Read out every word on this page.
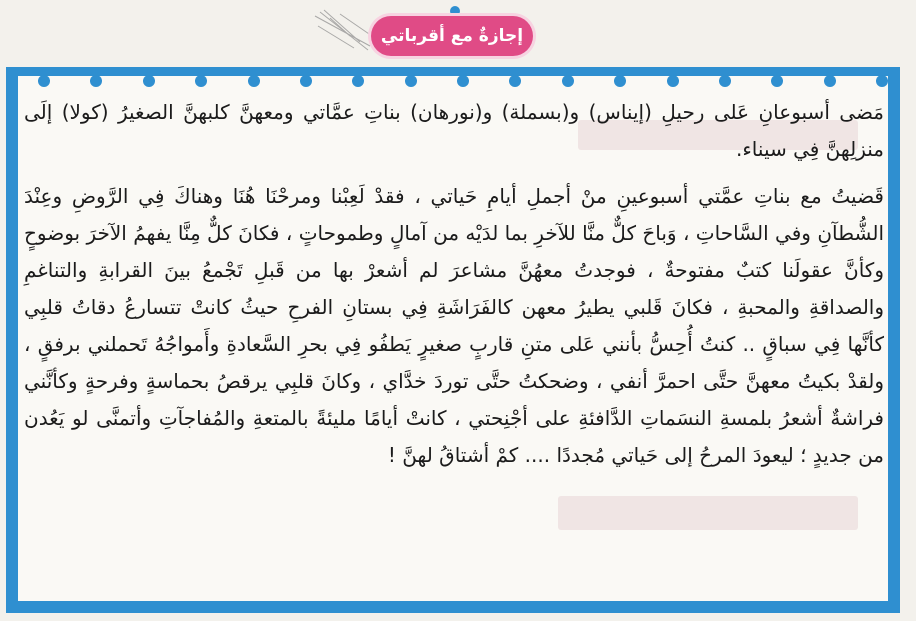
إجازةٌ مع أقرباتي

مَضى أسبوعانِ عَلى رحيلِ (إيناس) و(بسملة) و(نورهان) بناتِ عمَّاتي ومعهنَّ كلبهنَّ الصغيرُ (كولا) إلَى منزلِهنَّ فِي سيناء.

قَضيتُ مع بناتِ عمَّتي أسبوعينِ منْ أجملِ أيامِ حَياتي ، فقدْ لَعِبْنا ومرحْنَا هُنَا وهناكَ فِي الرَّوضِ وعِنْدَ الشُّطآنِ وفي السَّاحاتِ ، وَباحَ كلٌّ منَّا للآخرِ بما لدَيْه من آمالٍ وطموحاتٍ ، فكانَ كلٌّ مِنَّا يفهمُ الآخرَ بوضوحٍ وكأنَّ عقولَنا كتبٌ مفتوحةٌ ، فوجدتُ معهُنَّ مشاعرَ لم أشعرْ بها من قَبلِ تَجْمعُ بينَ القرابةِ والتناغمِ والصداقةِ والمحبةِ ، فكانَ قَلبي يطيرُ معهن كالفَرَاشَةِ فِي بستانِ الفرحِ حيثُ كانتْ تتسارعُ دقاتُ قلبِي كأنَّها فِي سباقٍ .. كنتُ أُحِسُّ بأنني عَلى متنِ قاربٍ صغيرٍ يَطفُو فِي بحرِ السَّعادةِ وأَمواجُهُ تَحملني برفقٍ ، ولقدْ بكيتُ معهنَّ حتَّى احمرَّ أنفي ، وضحكتُ حتَّى توردَ خدَّاي ، وكانَ قلبِي يرقصُ بحماسةٍ وفرحةٍ وكأنَّني فراشةٌ أشعرُ بلمسةِ النسَماتِ الدَّافئةِ على أجْنِحتي ، كانتْ أيامًا مليئةً بالمتعةِ والمُفاجآتِ وأتمنَّى لو يَعُدن من جديدٍ ؛ ليعودَ المرحُ إلى حَياتي مُجددًا .... كمْ أشتاقُ لهنَّ !
